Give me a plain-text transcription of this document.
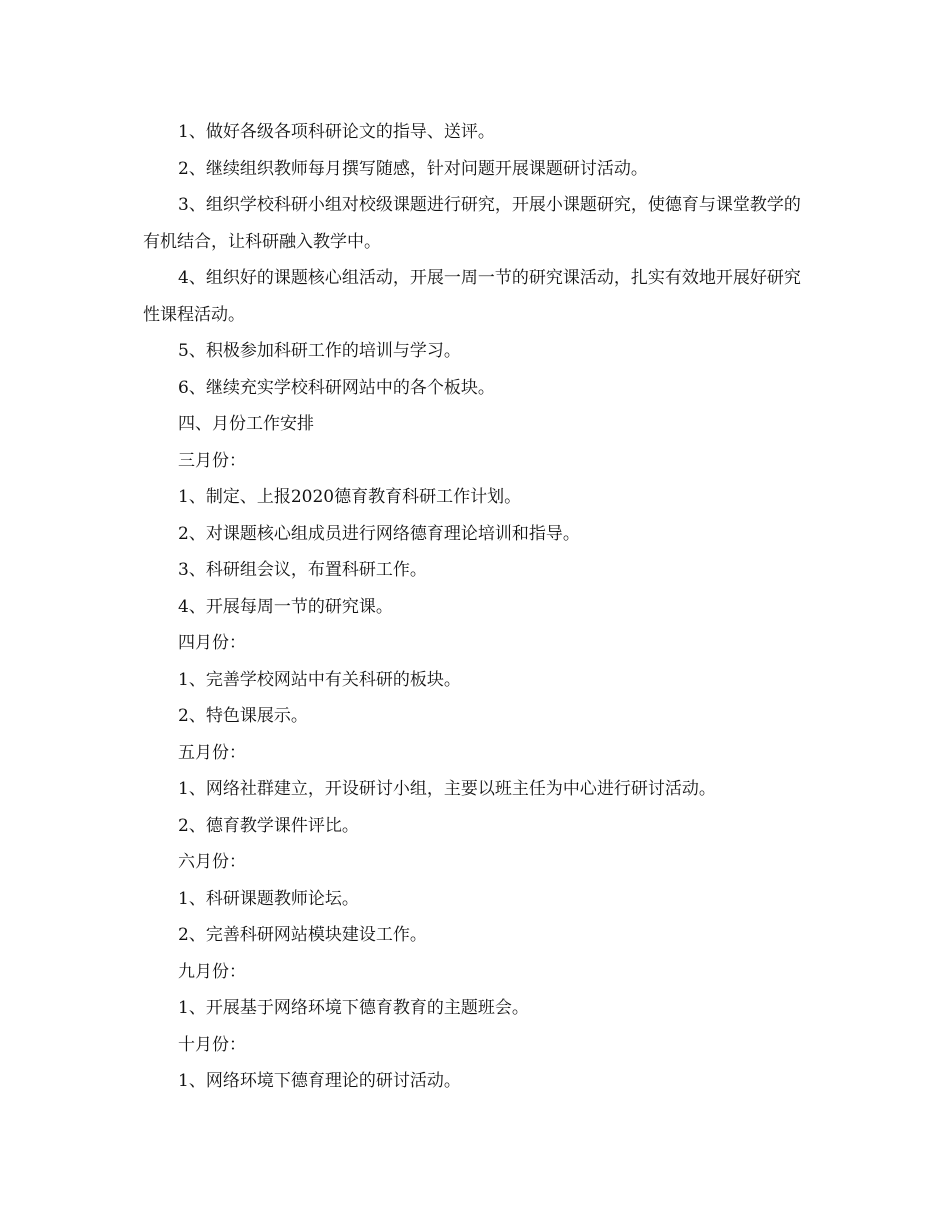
1、做好各级各项科研论文的指导、送评。

2、继续组织教师每月撰写随感，针对问题开展课题研讨活动。

3、组织学校科研小组对校级课题进行研究，开展小课题研究，使德育与课堂教学的有机结合，让科研融入教学中。

4、组织好的课题核心组活动，开展一周一节的研究课活动，扎实有效地开展好研究性课程活动。

5、积极参加科研工作的培训与学习。

6、继续充实学校科研网站中的各个板块。

四、月份工作安排

三月份：

1、制定、上报2020德育教育科研工作计划。

2、对课题核心组成员进行网络德育理论培训和指导。

3、科研组会议，布置科研工作。

4、开展每周一节的研究课。

四月份：

1、完善学校网站中有关科研的板块。

2、特色课展示。

五月份：

1、网络社群建立，开设研讨小组，主要以班主任为中心进行研讨活动。

2、德育教学课件评比。

六月份：

1、科研课题教师论坛。

2、完善科研网站模块建设工作。

九月份：

1、开展基于网络环境下德育教育的主题班会。

十月份：

1、网络环境下德育理论的研讨活动。
